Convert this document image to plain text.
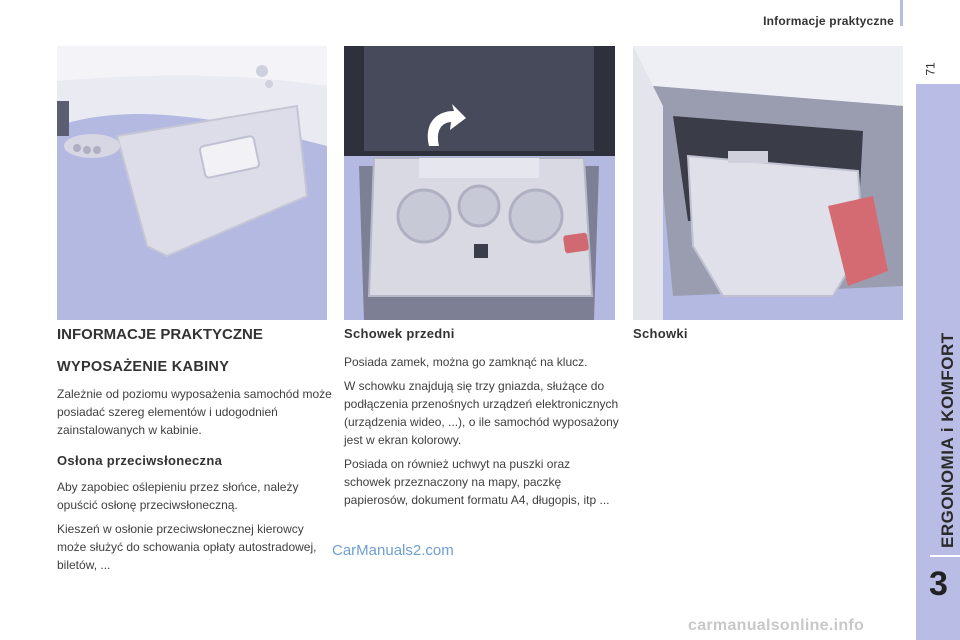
Informacje praktyczne
71
ERGONOMIA i KOMFORT
3
INFORMACJE PRAKTYCZNE
WYPOSAŻENIE KABINY
Zależnie od poziomu wyposażenia samochód może posiadać szereg elementów i udogodnień zainstalowanych w kabinie.
Osłona przeciwsłoneczna
Aby zapobiec oślepieniu przez słońce, należy opuścić osłonę przeciwsłoneczną.
Kieszeń w osłonie przeciwsłonecznej kierowcy może służyć do schowania opłaty autostradowej, biletów, ...
Schowek przedni
Posiada zamek, można go zamknąć na klucz.
W schowku znajdują się trzy gniazda, służące do podłączenia przenośnych urządzeń elektronicznych (urządzenia wideo, ...), o ile samochód wyposażony jest w ekran kolorowy.
Posiada on również uchwyt na puszki oraz schowek przeznaczony na mapy, paczkę papierosów, dokument formatu A4, długopis, itp ...
Schowki
CarManuals2.com
carmanualsonline.info
